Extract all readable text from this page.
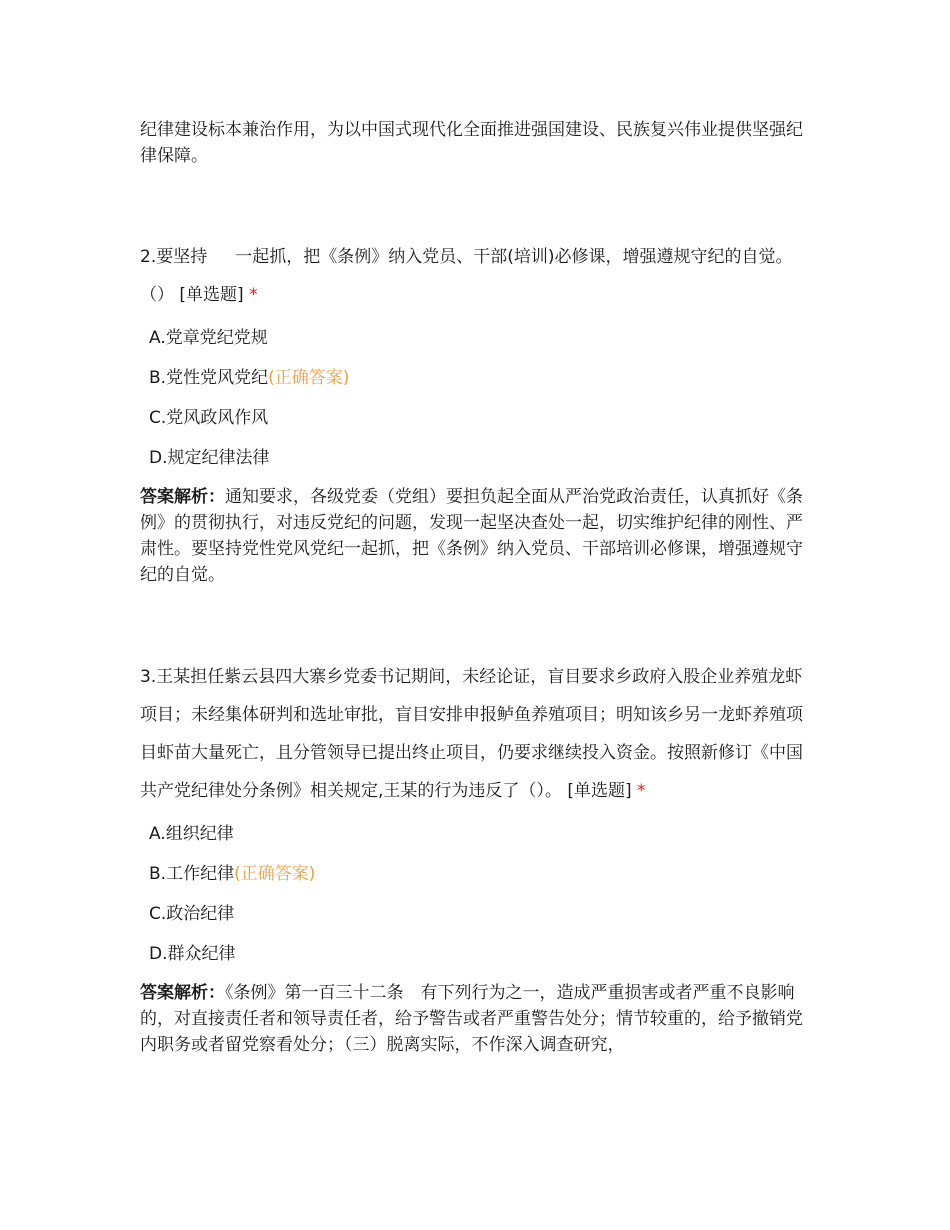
纪律建设标本兼治作用，为以中国式现代化全面推进强国建设、民族复兴伟业提供坚强纪律保障。

2.要坚持 一起抓，把《条例》纳入党员、干部(培训)必修课，增强遵规守纪的自觉。（） [单选题] *

A.党章党纪党规
B.党性党风党纪(正确答案)
C.党风政风作风
D.规定纪律法律

答案解析：通知要求，各级党委（党组）要担负起全面从严治党政治责任，认真抓好《条例》的贯彻执行，对违反党纪的问题，发现一起坚决查处一起，切实维护纪律的刚性、严肃性。要坚持党性党风党纪一起抓，把《条例》纳入党员、干部培训必修课，增强遵规守纪的自觉。

3.王某担任紫云县四大寨乡党委书记期间，未经论证，盲目要求乡政府入股企业养殖龙虾项目；未经集体研判和选址审批，盲目安排申报鲈鱼养殖项目；明知该乡另一龙虾养殖项目虾苗大量死亡，且分管领导已提出终止项目，仍要求继续投入资金。按照新修订《中国共产党纪律处分条例》相关规定,王某的行为违反了（）。 [单选题] *

A.组织纪律
B.工作纪律(正确答案)
C.政治纪律
D.群众纪律

答案解析：《条例》第一百三十二条　有下列行为之一，造成严重损害或者严重不良影响的，对直接责任者和领导责任者，给予警告或者严重警告处分；情节较重的，给予撤销党内职务或者留党察看处分；（三）脱离实际，不作深入调查研究，
